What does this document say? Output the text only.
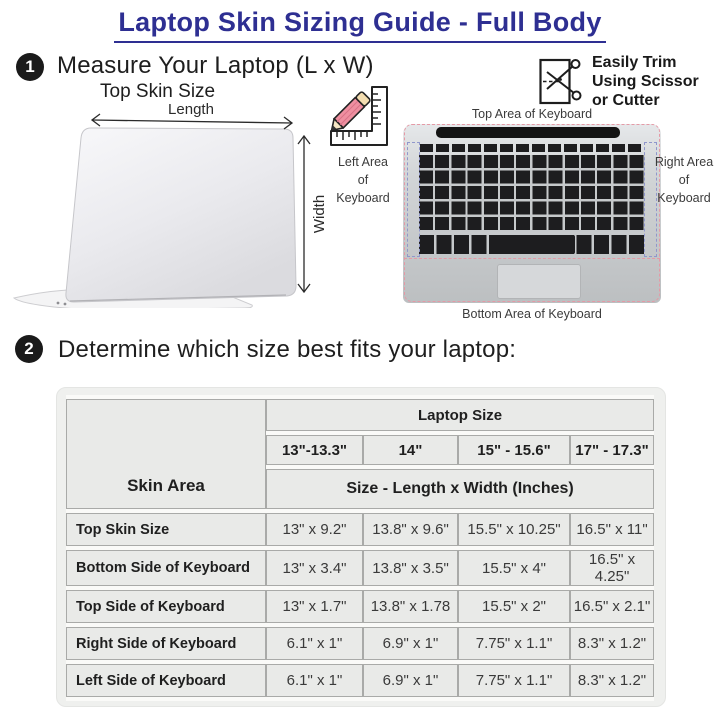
Laptop Skin Sizing Guide - Full Body
1 Measure Your Laptop (L x W)
Top Skin Size
Length
Width
Easily Trim
Using Scissor
or Cutter
Top Area of Keyboard
Bottom Area of Keyboard
Left Area
of
Keyboard
Right Area
of
Keyboard
2	Determine which size best fits your laptop:
Skin Area	Laptop Size			
	13"-13.3"	14"	15" - 15.6"	17" - 17.3"
	Size - Length x Width (Inches)			
Top Skin Size	13" x 9.2"	13.8" x 9.6"	15.5" x 10.25"	16.5" x 11"
Bottom Side of Keyboard	13" x 3.4"	13.8" x 3.5"	15.5" x 4"	16.5" x 4.25"
Top Side of Keyboard	13" x 1.7"	13.8" x 1.78	15.5" x 2"	16.5" x 2.1"
Right Side of Keyboard	6.1" x 1"	6.9" x 1"	7.75" x 1.1"	8.3" x 1.2"
Left Side of Keyboard	6.1" x 1"	6.9" x 1"	7.75" x 1.1"	8.3" x 1.2"
